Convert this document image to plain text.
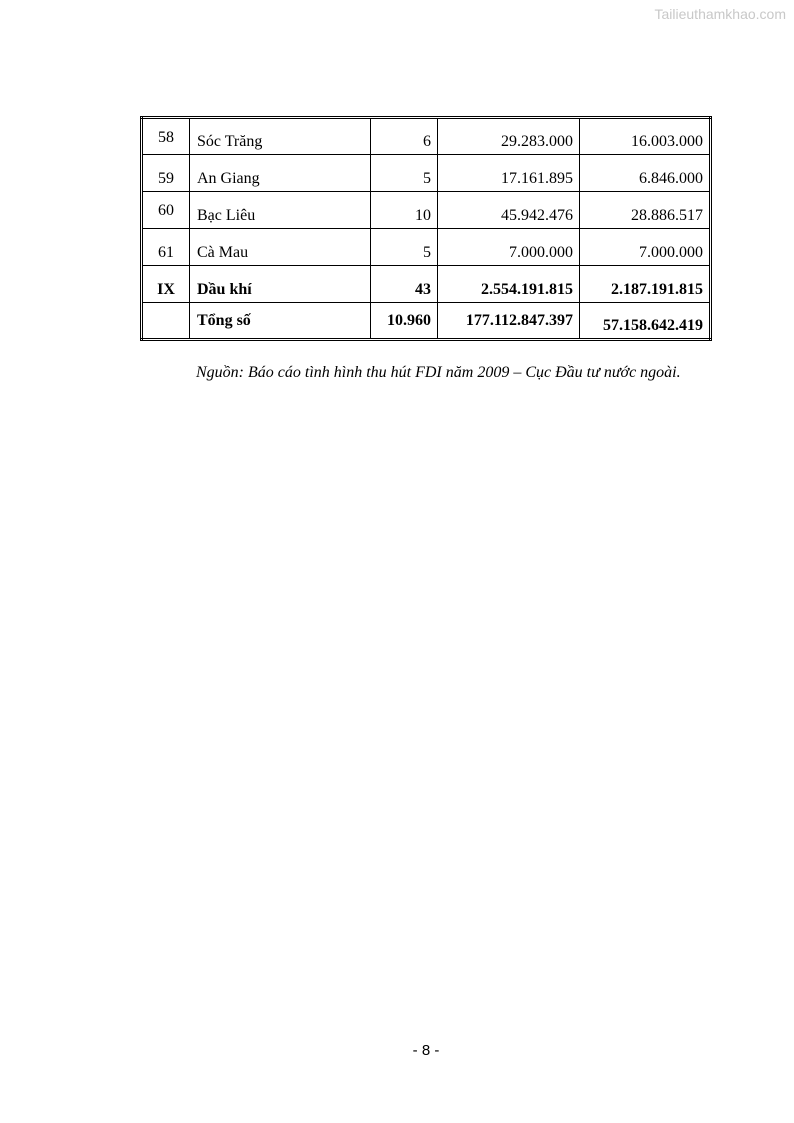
Tailieuthamkhao.com
58	Sóc Trăng	6	29.283.000	16.003.000
59	An Giang	5	17.161.895	6.846.000
60	Bạc Liêu	10	45.942.476	28.886.517
61	Cà Mau	5	7.000.000	7.000.000
IX	Dầu khí	43	2.554.191.815	2.187.191.815
	Tổng số	10.960	177.112.847.397	57.158.642.419
Nguồn: Báo cáo tình hình thu hút FDI năm 2009 – Cục Đầu tư nước ngoài.
- 8 -
